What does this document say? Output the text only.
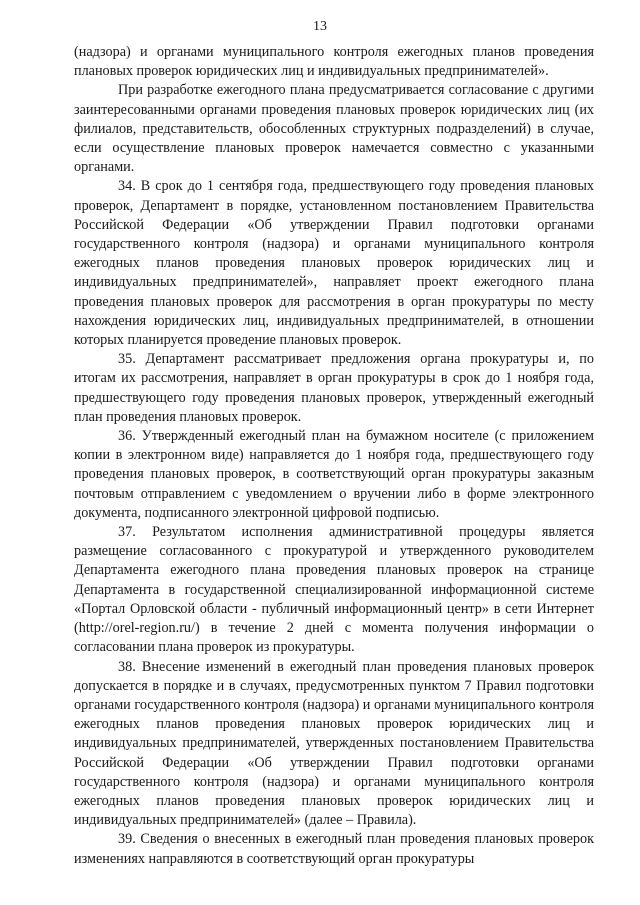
13

(надзора) и органами муниципального контроля ежегодных планов проведения плановых проверок юридических лиц и индивидуальных предпринимателей».

При разработке ежегодного плана предусматривается согласование с другими заинтересованными органами проведения плановых проверок юридических лиц (их филиалов, представительств, обособленных структурных подразделений) в случае, если осуществление плановых проверок намечается совместно с указанными органами.

34. В срок до 1 сентября года, предшествующего году проведения плановых проверок, Департамент в порядке, установленном постановлением Правительства Российской Федерации «Об утверждении Правил подготовки органами государственного контроля (надзора) и органами муниципального контроля ежегодных планов проведения плановых проверок юридических лиц и индивидуальных предпринимателей», направляет проект ежегодного плана проведения плановых проверок для рассмотрения в орган прокуратуры по месту нахождения юридических лиц, индивидуальных предпринимателей, в отношении которых планируется проведение плановых проверок.

35. Департамент рассматривает предложения органа прокуратуры и, по итогам их рассмотрения, направляет в орган прокуратуры в срок до 1 ноября года, предшествующего году проведения плановых проверок, утвержденный ежегодный план проведения плановых проверок.

36. Утвержденный ежегодный план на бумажном носителе (с приложением копии в электронном виде) направляется до 1 ноября года, предшествующего году проведения плановых проверок, в соответствующий орган прокуратуры заказным почтовым отправлением с уведомлением о вручении либо в форме электронного документа, подписанного электронной цифровой подписью.

37. Результатом исполнения административной процедуры является размещение согласованного с прокуратурой и утвержденного руководителем Департамента ежегодного плана проведения плановых проверок на странице Департамента в государственной специализированной информационной системе «Портал Орловской области - публичный информационный центр» в сети Интернет (http://orel-region.ru/) в течение 2 дней с момента получения информации о согласовании плана проверок из прокуратуры.

38. Внесение изменений в ежегодный план проведения плановых проверок допускается в порядке и в случаях, предусмотренных пунктом 7 Правил подготовки органами государственного контроля (надзора) и органами муниципального контроля ежегодных планов проведения плановых проверок юридических лиц и индивидуальных предпринимателей, утвержденных постановлением Правительства Российской Федерации «Об утверждении Правил подготовки органами государственного контроля (надзора) и органами муниципального контроля ежегодных планов проведения плановых проверок юридических лиц и индивидуальных предпринимателей» (далее – Правила).

39. Сведения о внесенных в ежегодный план проведения плановых проверок изменениях направляются в соответствующий орган прокуратуры
